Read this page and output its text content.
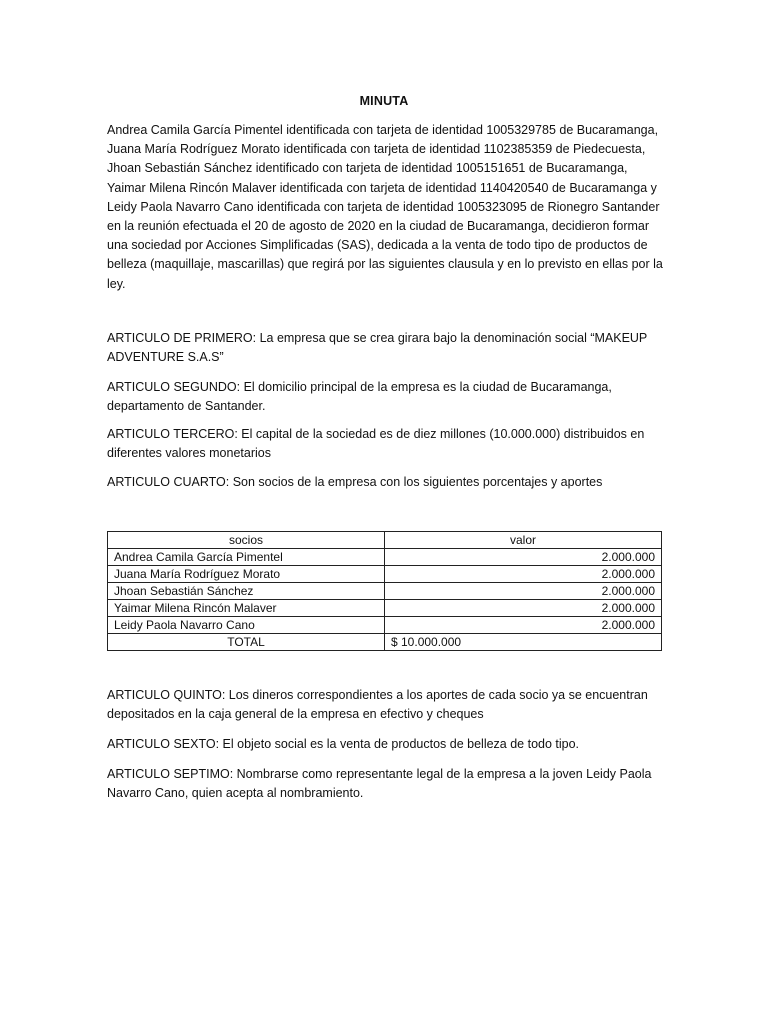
MINUTA

Andrea Camila García Pimentel identificada con tarjeta de identidad 1005329785 de Bucaramanga, Juana María Rodríguez Morato identificada con tarjeta de identidad 1102385359 de Piedecuesta, Jhoan Sebastián Sánchez identificado con tarjeta de identidad 1005151651 de Bucaramanga, Yaimar Milena Rincón Malaver identificada con tarjeta de identidad 1140420540 de Bucaramanga y Leidy Paola Navarro Cano identificada con tarjeta de identidad 1005323095 de Rionegro Santander en la reunión efectuada el 20 de agosto de 2020 en la ciudad de Bucaramanga, decidieron formar una sociedad por Acciones Simplificadas (SAS), dedicada a la venta de todo tipo de productos de belleza (maquillaje, mascarillas) que regirá por las siguientes clausula y en lo previsto en ellas por la ley.

ARTICULO DE PRIMERO: La empresa que se crea girara bajo la denominación social “MAKEUP ADVENTURE S.A.S”

ARTICULO SEGUNDO: El domicilio principal de la empresa es la ciudad de Bucaramanga, departamento de Santander.

ARTICULO TERCERO: El capital de la sociedad es de diez millones (10.000.000) distribuidos en diferentes valores monetarios

ARTICULO CUARTO: Son socios de la empresa con los siguientes porcentajes y aportes

socios	valor
Andrea Camila García Pimentel	2.000.000
Juana María Rodríguez Morato	2.000.000
Jhoan Sebastián Sánchez	2.000.000
Yaimar Milena Rincón Malaver	2.000.000
Leidy Paola Navarro Cano	2.000.000
TOTAL	$ 10.000.000

ARTICULO QUINTO: Los dineros correspondientes a los aportes de cada socio ya se encuentran depositados en la caja general de la empresa en efectivo y cheques

ARTICULO SEXTO: El objeto social es la venta de productos de belleza de todo tipo.

ARTICULO SEPTIMO: Nombrarse como representante legal de la empresa a la joven Leidy Paola Navarro Cano, quien acepta al nombramiento.
